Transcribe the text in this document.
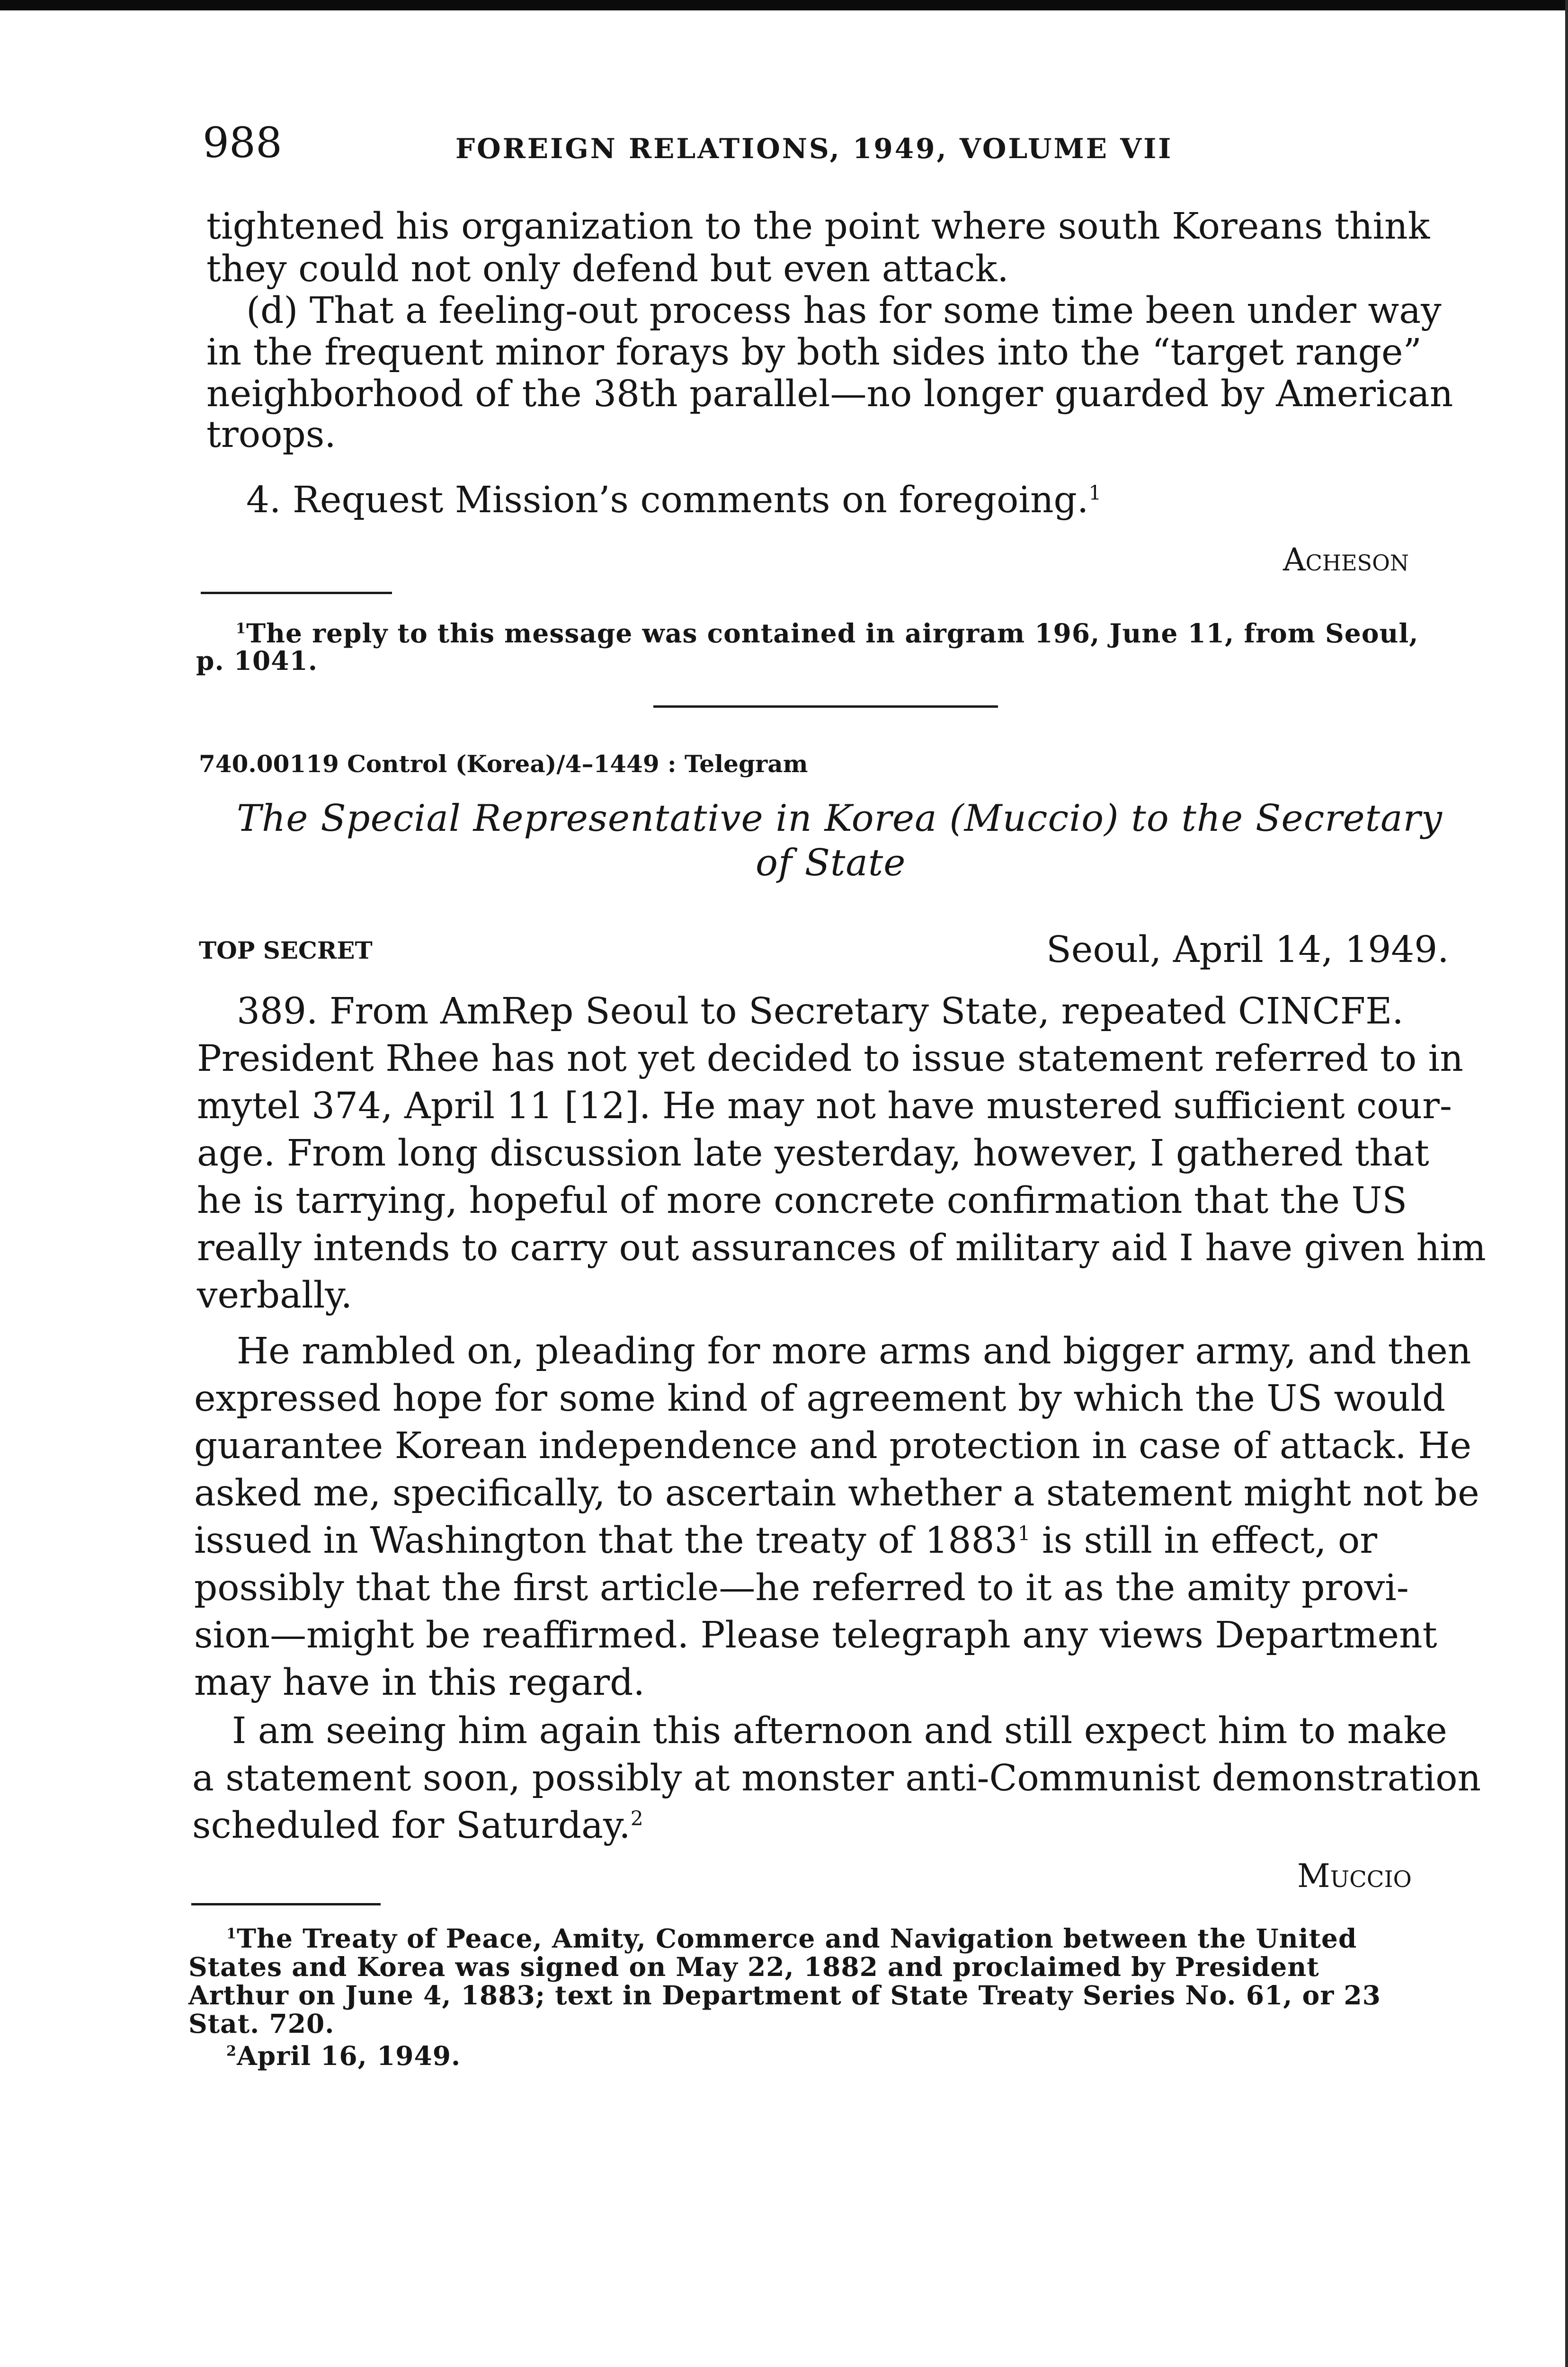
988	FOREIGN RELATIONS, 1949, VOLUME VII
tightened his organization to the point where south Koreans think
they could not only defend but even attack.
(d) That a feeling-out process has for some time been under way
in the frequent minor forays by both sides into the “target range”
neighborhood of the 38th parallel—no longer guarded by American
troops.
4. Request Mission’s comments on foregoing.$^1$
Acheson
$^1$The reply to this message was contained in airgram 196, June 11, from Seoul,
p. 1041.
740.00119 Control (Korea)/4–1449 : Telegram
The Special Representative in Korea (Muccio) to the Secretary
of State
TOP SECRET	Seoul, April 14, 1949.
389. From AmRep Seoul to Secretary State, repeated CINCFE.
President Rhee has not yet decided to issue statement referred to in
mytel 374, April 11 [12]. He may not have mustered sufficient cour-
age. From long discussion late yesterday, however, I gathered that
he is tarrying, hopeful of more concrete confirmation that the US
really intends to carry out assurances of military aid I have given him
verbally.
He rambled on, pleading for more arms and bigger army, and then
expressed hope for some kind of agreement by which the US would
guarantee Korean independence and protection in case of attack. He
asked me, specifically, to ascertain whether a statement might not be
issued in Washington that the treaty of 1883$^1$ is still in effect, or
possibly that the first article—he referred to it as the amity provi-
sion—might be reaffirmed. Please telegraph any views Department
may have in this regard.
I am seeing him again this afternoon and still expect him to make
a statement soon, possibly at monster anti-Communist demonstration
scheduled for Saturday.$^2$
Muccio
$^1$The Treaty of Peace, Amity, Commerce and Navigation between the United
States and Korea was signed on May 22, 1882 and proclaimed by President
Arthur on June 4, 1883; text in Department of State Treaty Series No. 61, or 23
Stat. 720.
$^2$April 16, 1949.
